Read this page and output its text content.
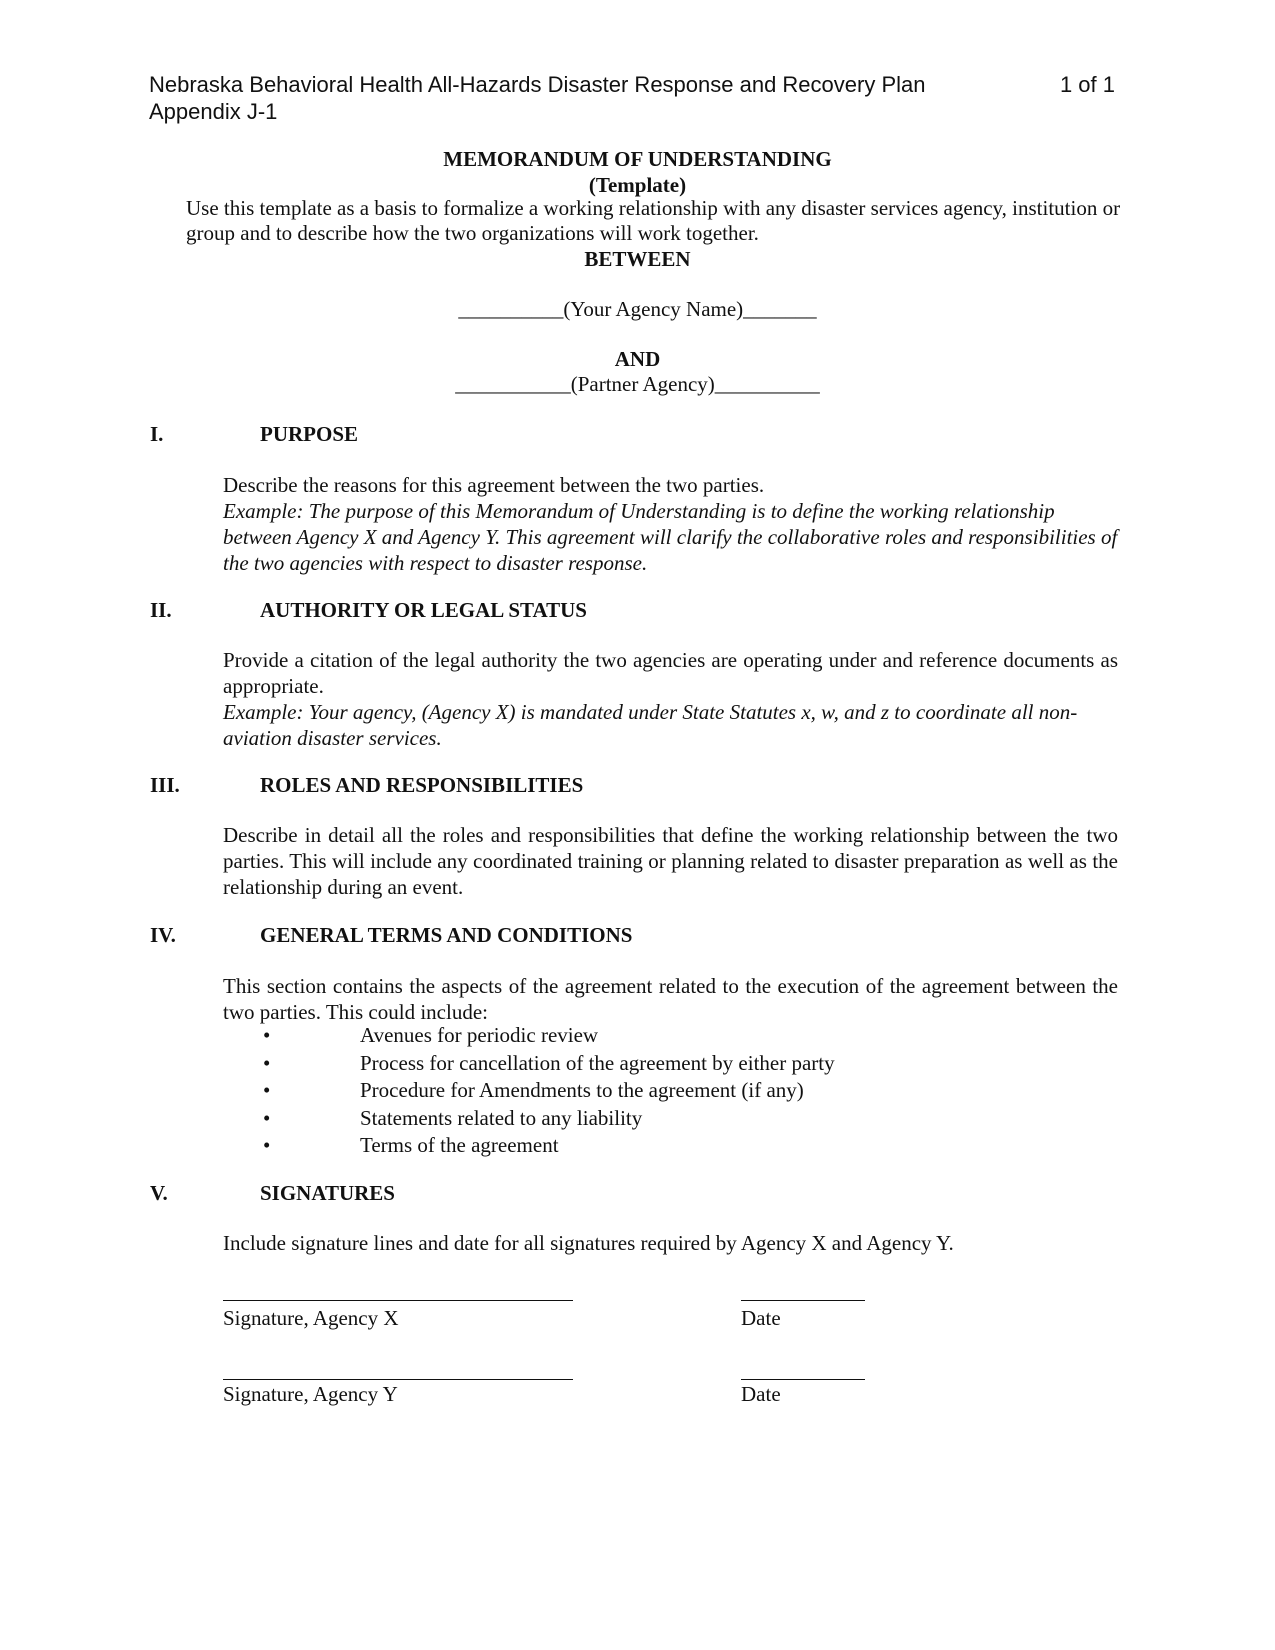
Nebraska Behavioral Health All-Hazards Disaster Response and Recovery Plan	1 of 1
Appendix J-1
MEMORANDUM OF UNDERSTANDING
(Template)
Use this template as a basis to formalize a working relationship with any disaster services agency, institution or group and to describe how the two organizations will work together.
BETWEEN
__________(Your Agency Name)_______
AND
___________(Partner Agency)__________
I.	PURPOSE

Describe the reasons for this agreement between the two parties.

Example: The purpose of this Memorandum of Understanding is to define the working relationship between Agency X and Agency Y. This agreement will clarify the collaborative roles and responsibilities of the two agencies with respect to disaster response.

II.	AUTHORITY OR LEGAL STATUS

Provide a citation of the legal authority the two agencies are operating under and reference documents as appropriate.

Example: Your agency, (Agency X) is mandated under State Statutes x, w, and z to coordinate all non-aviation disaster services.

III.	ROLES AND RESPONSIBILITIES

Describe in detail all the roles and responsibilities that define the working relationship between the two parties. This will include any coordinated training or planning related to disaster preparation as well as the relationship during an event.

IV.	GENERAL TERMS AND CONDITIONS

This section contains the aspects of the agreement related to the execution of the agreement between the two parties. This could include:

•	Avenues for periodic review
•	Process for cancellation of the agreement by either party
•	Procedure for Amendments to the agreement (if any)
•	Statements related to any liability
•	Terms of the agreement
V.	SIGNATURES

Include signature lines and date for all signatures required by Agency X and Agency Y.

Signature, Agency X	Date
Signature, Agency Y	Date
